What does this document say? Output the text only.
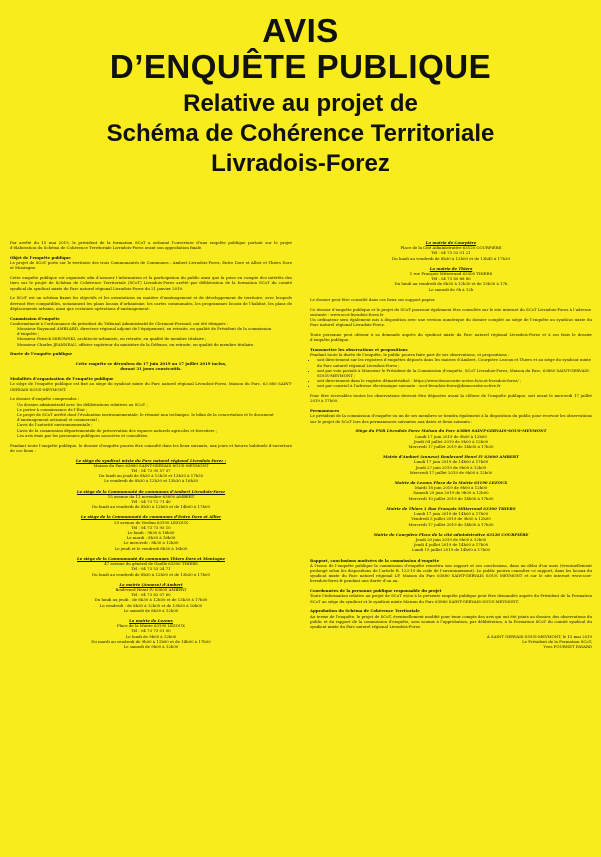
AVIS

D’ENQUÊTE PUBLIQUE

Relative au projet de

Schéma de Cohérence Territoriale

Livradois-Forez

Par arrêté du 15 mai 2019, le président de la formation SCoT a ordonné l’ouverture d’une enquête publique portant sur le projet d’élaboration du Schéma de Cohérence Territoriale Livradois-Forez avant son approbation finale.

Objet de l’enquête publique

Le projet de SCoT porte sur le territoire des trois Communautés de Communes : Ambert Livradois-Forez, Entre Dore et Allier et Thiers Dore et Montagne.

Cette enquête publique est organisée afin d’assurer l’information et la participation du public ainsi que la prise en compte des intérêts des tiers sur le projet de Schéma de Cohérence Territoriale (SCoT) Livradois-Forez arrêté par délibération de la formation SCoT du comité syndical du syndicat mixte du Parc naturel régional Livradois-Forez du 21 janvier 2019.

Le SCoT est un schéma fixant les objectifs et les orientations en matière d’aménagement et de développement du territoire, avec lesquels devront être compatibles, notamment les plans locaux d’urbanisme, les cartes communales, les programmes locaux de l’habitat, les plans de déplacements urbains, ainsi que certaines opérations d’aménagement.

Commission d’enquête
Conformément à l’ordonnance du président du Tribunal Administratif de Clermont-Ferrand, ont été désignés :
• Monsieur Raymond AMBLARD, directeur régional adjoint de l’équipement, en retraite, en qualité de Président de la commission d’enquête ;
• Monsieur Patrick MIROWSKI, architecte-urbaniste, en retraite, en qualité de membre titulaire ;
• Monsieur Charles JEANNEAU, officier supérieur du ministère de la Défense, en retraite, en qualité de membre titulaire.

Durée de l’enquête publique

Cette enquête se déroulera du 17 juin 2019 au 17 juillet 2019 inclus,

durant 31 jours consécutifs.

Modalités d’organisation de l’enquête publique

Le siège de l’enquête publique est fixé au siège du syndicat mixte du Parc naturel régional Livradois-Forez, Maison du Parc, 63 880 SAINT-GERVAIS-SOUS-MEYMONT.

Le dossier d’enquête comprendra :
• Un dossier administratif avec les délibérations relatives au SCoT ;
• Le porter à connaissance de l’État ;
• Le projet de SCoT arrêté dont l’évaluation environnementale, le résumé non technique, le bilan de la concertation et le document d’aménagement artisanal et commercial ;
• L’avis de l’autorité environnementale ;
• L’avis de la commission départementale de préservation des espaces naturels agricoles et forestiers ;
• Les avis émis par les personnes publiques associées et consultées.

Pendant toute l’enquête publique, le dossier d’enquête pourra être consulté dans les lieux suivants, aux jours et heures habituels d’ouverture de ces lieux :

Le siège du syndicat mixte du Parc naturel régional Livradois Forez :
Maison du Parc 63880 SAINT-GERVAIS-SOUS-MEYMONT
Tél : 04 73 95 57 57
Du lundi au jeudi de 8h30 à 12h30 et 13h30 à 17h30
Le vendredi de 8h30 à 12h30 et 13h30 à 16h30
Le siège de la Communauté de communes d’Ambert Livradois-Forez
15 avenue du 11 novembre 63600 AMBERT
Tél : 04 73 72 71 40
Du lundi au vendredi de 8h30 à 12h00 et de 14h00 à 17h00
Le siège de la Communauté de communes d’Entre Dore et Allier
29 avenue de Verdun 63190 LEZOUX
Tél : 04 73 73 95 10
Le lundi : 9h30 à 16h00
Le mardi : 8h30 à 16h00
Le mercredi : 8h30 à 12h00
Le jeudi et le vendredi 8h30 à 16h00
Le siège de la Communauté de communes Thiers Dore et Montagne
47 avenue du général de Gaulle 63300 THIERS
Tél : 04 73 53 24 71
Du lundi au vendredi de 8h30 à 12h00 et de 13h30 à 17h00
La mairie (Annexe) d’Ambert
Boulevard Henri IV 63600 AMBERT
Tél : 04 73 82 07 60
Du lundi au jeudi : de 8h30 à 12h00 et de 13h30 à 17h00
Le vendredi : de 8h30 à 12h00 et de 13h30 à 16h00
Le samedi de 8h30 à 12h00
La mairie de Lezoux
Place de la Mairie 63190 LEZOUX
Tél : 04 73 73 01 00
Le lundi de 9h00 à 12h00
Du mardi au vendredi de 9h00 à 12h00 et de 14h00 à 17h00
Le samedi de 9h00 à 12h00
La mairie de Courpière
Place de la Cité Administrative 63120 COURPIÈRE
Tél : 04 73 53 01 21
Du lundi au vendredi de 8h30 à 12h00 et de 13h45 à 17h30
La mairie de Thiers
1 rue François Mitterrand 63300 THIERS
Tél : 04 73 80 88 80
Du lundi au vendredi de 8h30 à 12h30 et de 13h30 à 17h
Le samedi de 9h à 12h

Le dossier peut être consulté dans ces lieux sur support papier.

Ce dossier d’enquête publique et le projet de SCoT pourront également être consultés sur le site internet du SCoT Livradois-Forez à l’adresse suivante : www.scot-livradois-forez.fr

Un ordinateur sera également mis à disposition avec une version numérique du dossier complet au siège de l’enquête au syndicat mixte du Parc naturel régional Livradois-Forez.

Toute personne peut obtenir à sa demande auprès du syndicat mixte du Parc naturel régional Livradois-Forez et à ses frais le dossier d’enquête publique.

Transmettre les observations et propositions
Pendant toute la durée de l’enquête, le public pourra faire part de ses observations, et propositions :
• soit directement sur les registres d’enquêtes déposés dans les mairies d’Ambert, Courpière Lezoux et Thiers et au siège du syndicat mixte du Parc naturel régional Livradois-Forez ;
• soit par voie postale à Monsieur le Président de la Commission d’enquête, SCoT Livradois-Forez, Maison du Parc, 63880 SAINT-GERVAIS-SOUS-MEYMONT ;
• soit directement dans le registre dématérialisé : https://www.democratie-active.fr/scot-livradois-forez/ ;
• soit par courriel à l’adresse électronique suivante : scot-livradois-forez@democratie-active.fr

Pour être recevables toutes les observations devront être déposées avant la clôture de l’enquête publique, soit avant le mercredi 17 juillet 2019 à 17h00.

Permanences

Le président de la commission d’enquête ou un de ses membres se tiendra également à la disposition du public pour recevoir les observations sur le projet de SCoT lors des permanences suivantes aux dates et lieux suivants :

Siège du PNR Livradois Forez Maison du Parc 63880 SAINT-GERVAIS-SOUS-MEYMONT
Lundi 17 juin 2019 de 9h00 à 12h00
Jeudi 04 juillet 2019 de 9h00 à 12h00
Mercredi 17 juillet 2019 de 14h00 à 17h00
Mairie d’Ambert (annexe) Boulevard Henri IV 63600 AMBERT
Lundi 17 juin 2019 de 14h00 à 17h00
Jeudi 27 juin 2019 de 9h00 à 12h00
Mercredi 17 juillet 2019 de 9h00 à 12h00
Mairie de Lezoux Place de la Mairie 63190 LEZOUX
Mardi 18 juin 2019 de 9h00 à 12h00
Samedi 29 juin 2019 de 9h00 à 12h00
Mercredi 10 juillet 2019 de 14h00 à 17h00
Mairie de Thiers 1 Rue François Mitterrand 63300 THIERS
Lundi 17 juin 2019 de 14h00 à 17h00
Vendredi 5 juillet 2019 de 9h00 à 12h00
Mercredi 17 juillet 2019 de 14h00 à 17h00
Mairie de Courpière Place de la cité administrative 63120 COURPIÈRE
Jeudi 20 juin 2019 de 9h00 à 12h00
Jeudi 4 juillet 2019 de 14h00 à 17h00
Lundi 15 juillet 2019 de 14h00 à 17h00
Rapport, conclusions motivées de la commission d’enquête

À l’issue de l’enquête publique la commission d’enquête remettra son rapport et ses conclusions, dans un délai d’un mois (éventuellement prolongé selon les dispositions de l’article R. 123-19 du code de l’environnement). Le public pourra consulter ce rapport, dans les locaux du syndicat mixte du Parc naturel régional LF, Maison du Parc 63880 SAINT-GERVAIS SOUS MEYMONT et sur le site internet www.scot-livradois-forez.fr pendant une durée d’un an.

Coordonnées de la personne publique responsable du projet

Toute l’information relative au projet de SCoT et/ou à la présente enquête publique peut être demandée auprès du Président de la Formation SCoT au siège du syndicat et le syndicat mixte Maison du Parc 63880 SAINT-GERVAIS-SOUS-MEYMONT.

Approbation du Schéma de Cohérence Territoriale

Au terme de l’enquête, le projet de SCoT, éventuellement modifié pour tenir compte des avis qui ont été joints au dossier, des observations du public et du rapport de la commission d’enquête, sera soumis à l’approbation, par délibération, à la Formation SCoT du comité syndical du syndicat mixte du Parc naturel régional Livradois-Forez.

À SAINT GERVAIS-SOUS-MEYMONT, le 15 mai 2019
Le Président de la Formation SCoT,
Yves FOURNET FAYARD
